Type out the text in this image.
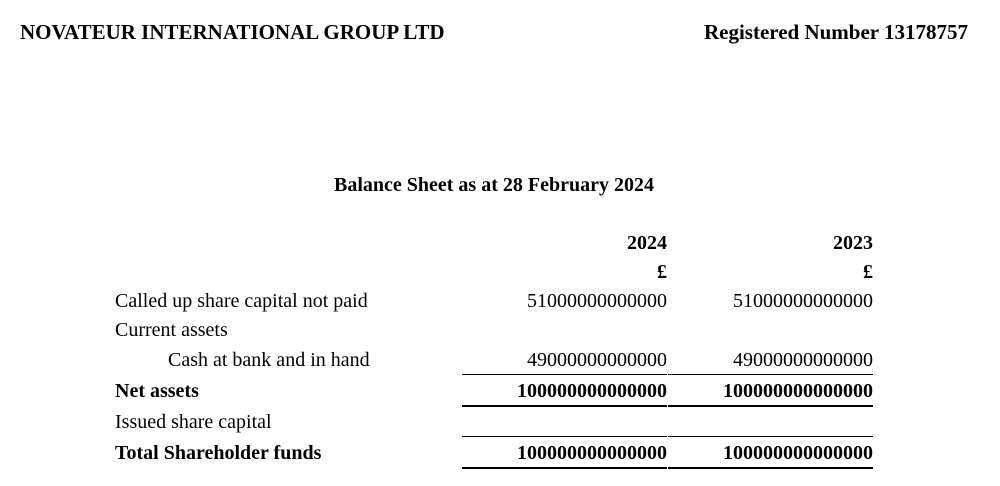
NOVATEUR INTERNATIONAL GROUP LTD	Registered Number 13178757
Balance Sheet as at 28 February 2024
2024	2023
£	£
Called up share capital not paid	51000000000000	51000000000000
Current assets
Cash at bank and in hand	49000000000000	49000000000000
Net assets	100000000000000	100000000000000
Issued share capital
Total Shareholder funds	100000000000000	100000000000000
